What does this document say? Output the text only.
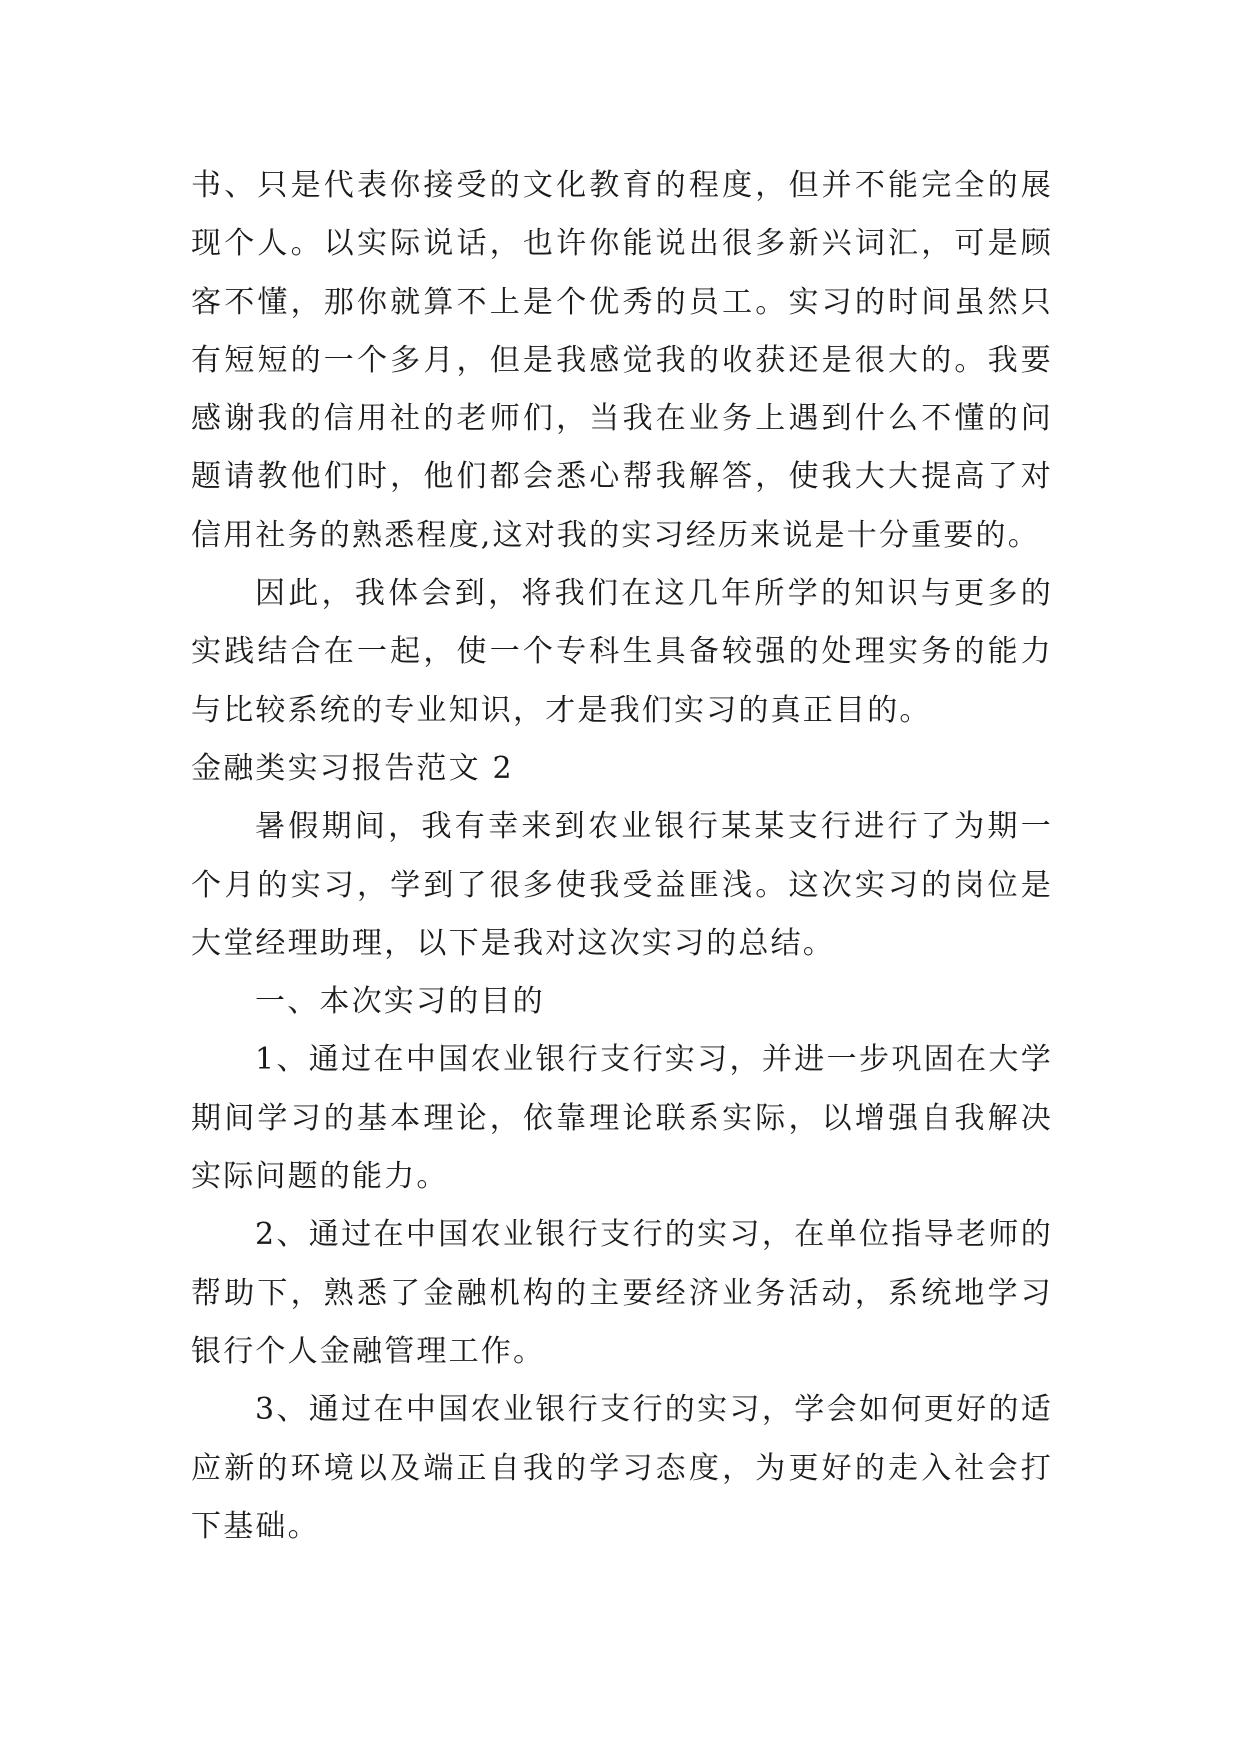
书、只是代表你接受的文化教育的程度，但并不能完全的展现个人。以实际说话，也许你能说出很多新兴词汇，可是顾客不懂，那你就算不上是个优秀的员工。实习的时间虽然只有短短的一个多月，但是我感觉我的收获还是很大的。我要感谢我的信用社的老师们，当我在业务上遇到什么不懂的问题请教他们时，他们都会悉心帮我解答，使我大大提高了对信用社务的熟悉程度,这对我的实习经历来说是十分重要的。

因此，我体会到，将我们在这几年所学的知识与更多的实践结合在一起，使一个专科生具备较强的处理实务的能力与比较系统的专业知识，才是我们实习的真正目的。

金融类实习报告范文 2

暑假期间，我有幸来到农业银行某某支行进行了为期一个月的实习，学到了很多使我受益匪浅。这次实习的岗位是大堂经理助理，以下是我对这次实习的总结。

一、本次实习的目的

1、通过在中国农业银行支行实习，并进一步巩固在大学期间学习的基本理论，依靠理论联系实际，以增强自我解决实际问题的能力。

2、通过在中国农业银行支行的实习，在单位指导老师的帮助下，熟悉了金融机构的主要经济业务活动，系统地学习银行个人金融管理工作。

3、通过在中国农业银行支行的实习，学会如何更好的适应新的环境以及端正自我的学习态度，为更好的走入社会打下基础。
